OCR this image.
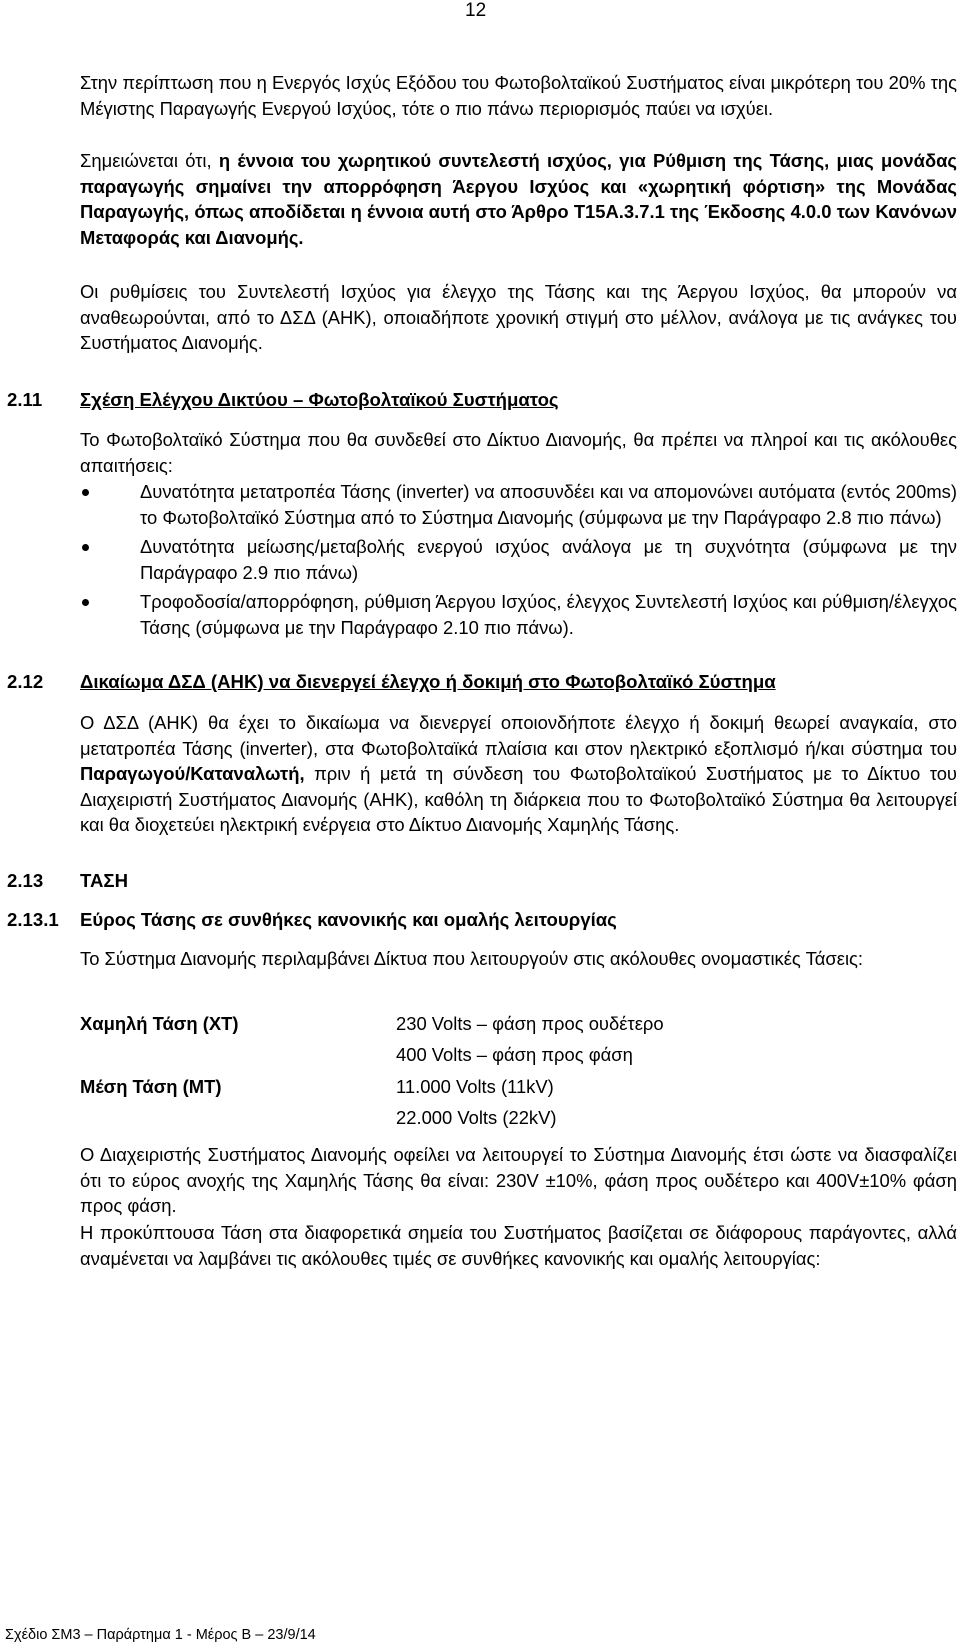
12
Στην περίπτωση που η Ενεργός Ισχύς Εξόδου του Φωτοβολταϊκού Συστήματος είναι μικρότερη του 20% της Μέγιστης Παραγωγής Ενεργού Ισχύος, τότε ο πιο πάνω περιορισμός παύει να ισχύει.
Σημειώνεται ότι, η έννοια του χωρητικού συντελεστή ισχύος, για Ρύθμιση της Τάσης, μιας μονάδας παραγωγής σημαίνει την απορρόφηση Άεργου Ισχύος και «χωρητική φόρτιση» της Μονάδας Παραγωγής, όπως αποδίδεται η έννοια αυτή στο Άρθρο Τ15Α.3.7.1 της Έκδοσης 4.0.0 των Κανόνων Μεταφοράς και Διανομής.
Οι ρυθμίσεις του Συντελεστή Ισχύος για έλεγχο της Τάσης και της Άεργου Ισχύος, θα μπορούν να αναθεωρούνται, από το ΔΣΔ (ΑΗΚ), οποιαδήποτε χρονική στιγμή στο μέλλον, ανάλογα με τις ανάγκες του Συστήματος Διανομής.
2.11 Σχέση Ελέγχου Δικτύου – Φωτοβολταϊκού Συστήματος
Το Φωτοβολταϊκό Σύστημα που θα συνδεθεί στο Δίκτυο Διανομής, θα πρέπει να πληροί και τις ακόλουθες απαιτήσεις:
Δυνατότητα μετατροπέα Τάσης (inverter) να αποσυνδέει και να απομονώνει αυτόματα (εντός 200ms) το Φωτοβολταϊκό Σύστημα από το Σύστημα Διανομής (σύμφωνα με την Παράγραφο 2.8 πιο πάνω)
Δυνατότητα μείωσης/μεταβολής ενεργού ισχύος ανάλογα με τη συχνότητα (σύμφωνα με την Παράγραφο 2.9 πιο πάνω)
Τροφοδοσία/απορρόφηση, ρύθμιση Άεργου Ισχύος, έλεγχος Συντελεστή Ισχύος και ρύθμιση/έλεγχος Τάσης (σύμφωνα με την Παράγραφο 2.10 πιο πάνω).
2.12 Δικαίωμα ΔΣΔ (ΑΗΚ) να διενεργεί έλεγχο ή δοκιμή στο Φωτοβολταϊκό Σύστημα
Ο ΔΣΔ (ΑΗΚ) θα έχει το δικαίωμα να διενεργεί οποιονδήποτε έλεγχο ή δοκιμή θεωρεί αναγκαία, στο μετατροπέα Τάσης (inverter), στα Φωτοβολταϊκά πλαίσια και στον ηλεκτρικό εξοπλισμό ή/και σύστημα του Παραγωγού/Καταναλωτή, πριν ή μετά τη σύνδεση του Φωτοβολταϊκού Συστήματος με το Δίκτυο του Διαχειριστή Συστήματος Διανομής (ΑΗΚ), καθόλη τη διάρκεια που το Φωτοβολταϊκό Σύστημα θα λειτουργεί και θα διοχετεύει ηλεκτρική ενέργεια στο Δίκτυο Διανομής Χαμηλής Τάσης.
2.13 ΤΑΣΗ
2.13.1 Εύρος Τάσης σε συνθήκες κανονικής και ομαλής λειτουργίας
Το Σύστημα Διανομής περιλαμβάνει Δίκτυα που λειτουργούν στις ακόλουθες ονομαστικές Τάσεις:
Χαμηλή Τάση (ΧΤ)	230 Volts – φάση προς ουδέτερο
400 Volts – φάση προς φάση
Μέση Τάση (ΜΤ)	11.000 Volts (11kV)
22.000 Volts (22kV)
Ο Διαχειριστής Συστήματος Διανομής οφείλει να λειτουργεί το Σύστημα Διανομής έτσι ώστε να διασφαλίζει ότι το εύρος ανοχής της Χαμηλής Τάσης θα είναι: 230V ±10%, φάση προς ουδέτερο και 400V±10% φάση προς φάση.
Η προκύπτουσα Τάση στα διαφορετικά σημεία του Συστήματος βασίζεται σε διάφορους παράγοντες, αλλά αναμένεται να λαμβάνει τις ακόλουθες τιμές σε συνθήκες κανονικής και ομαλής λειτουργίας:
Σχέδιο ΣΜ3 – Παράρτημα 1 - Μέρος Β – 23/9/14
